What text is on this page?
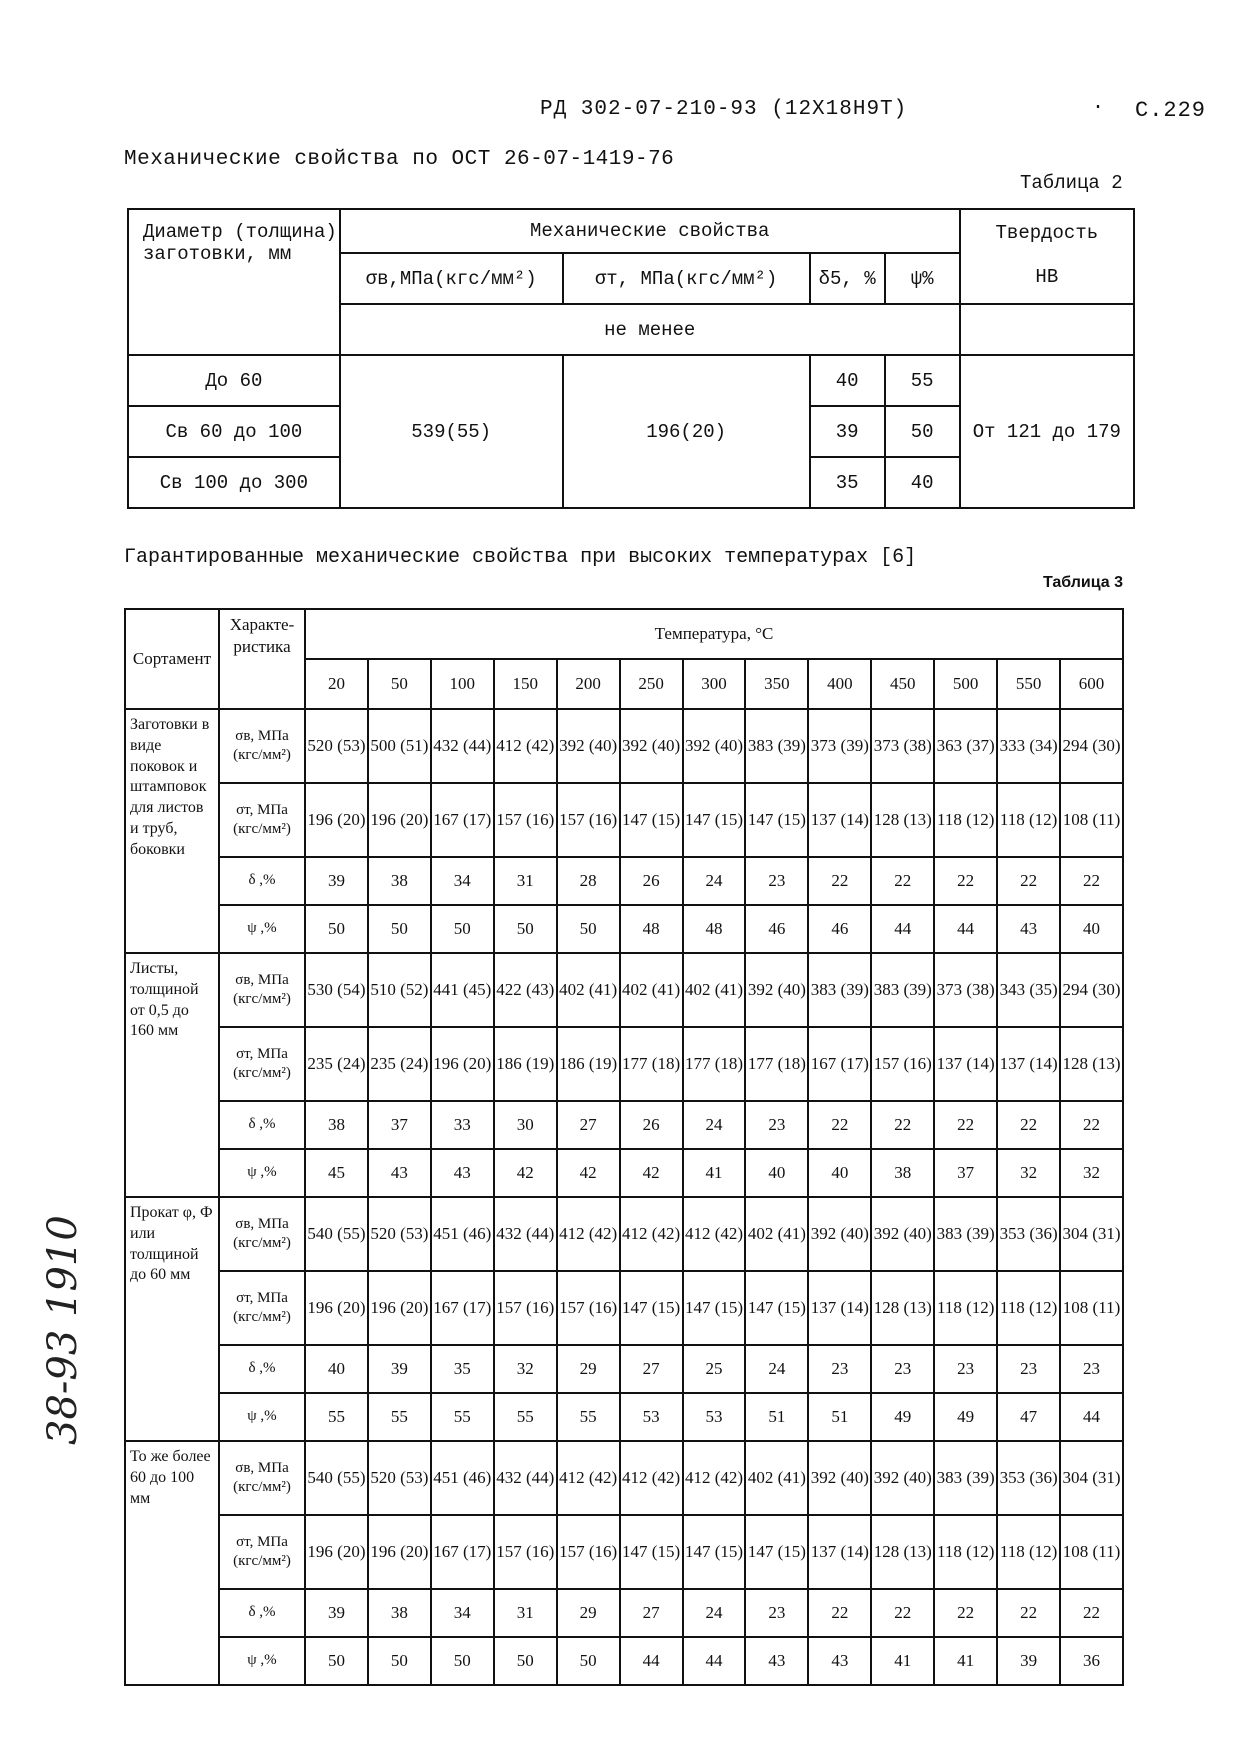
РД 302-07-210-93 (12Х18Н9Т)	· С.229
Механические свойства по ОСТ 26-07-1419-76
Таблица 2
Диаметр (толщина) заготовки, мм	Механические свойства				Твердость
НВ

	σв,МПа(кгс/мм²)	σт, МПа(кгс/мм²)	δ5, %	ψ%	
	не менее				
До 60	539(55)	196(20)	40	55	От 121 до 179
Св 60 до 100			39	50	
Св 100 до 300			35	40	
Гарантированные механические свойства при высоких температурах [6]
Таблица 3
Сортамент	Характе-ристика	Температура, °С												
		20	50	100	150	200	250	300	350	400	450	500	550	600
Заготовки в виде поковок и штамповок для листов и труб, боковки	σв, МПа (кгс/мм²)	520 (53)	500 (51)	432 (44)	412 (42)	392 (40)	392 (40)	392 (40)	383 (39)	373 (39)	373 (38)	363 (37)	333 (34)	294 (30)
	σт, МПа (кгс/мм²)	196 (20)	196 (20)	167 (17)	157 (16)	157 (16)	147 (15)	147 (15)	147 (15)	137 (14)	128 (13)	118 (12)	118 (12)	108 (11)
	δ ,%	39	38	34	31	28	26	24	23	22	22	22	22	22
	ψ ,%	50	50	50	50	50	48	48	46	46	44	44	43	40
Листы, толщиной от 0,5 до 160 мм	σв, МПа (кгс/мм²)	530 (54)	510 (52)	441 (45)	422 (43)	402 (41)	402 (41)	402 (41)	392 (40)	383 (39)	383 (39)	373 (38)	343 (35)	294 (30)
	σт, МПа (кгс/мм²)	235 (24)	235 (24)	196 (20)	186 (19)	186 (19)	177 (18)	177 (18)	177 (18)	167 (17)	157 (16)	137 (14)	137 (14)	128 (13)
	δ ,%	38	37	33	30	27	26	24	23	22	22	22	22	22
	ψ ,%	45	43	43	42	42	42	41	40	40	38	37	32	32
Прокат φ, Ф или толщиной до 60 мм	σв, МПа (кгс/мм²)	540 (55)	520 (53)	451 (46)	432 (44)	412 (42)	412 (42)	412 (42)	402 (41)	392 (40)	392 (40)	383 (39)	353 (36)	304 (31)
	σт, МПа (кгс/мм²)	196 (20)	196 (20)	167 (17)	157 (16)	157 (16)	147 (15)	147 (15)	147 (15)	137 (14)	128 (13)	118 (12)	118 (12)	108 (11)
	δ ,%	40	39	35	32	29	27	25	24	23	23	23	23	23
	ψ ,%	55	55	55	55	55	53	53	51	51	49	49	47	44
То же более 60 до 100 мм	σв, МПа (кгс/мм²)	540 (55)	520 (53)	451 (46)	432 (44)	412 (42)	412 (42)	412 (42)	402 (41)	392 (40)	392 (40)	383 (39)	353 (36)	304 (31)
	σт, МПа (кгс/мм²)	196 (20)	196 (20)	167 (17)	157 (16)	157 (16)	147 (15)	147 (15)	147 (15)	137 (14)	128 (13)	118 (12)	118 (12)	108 (11)
	δ ,%	39	38	34	31	29	27	24	23	22	22	22	22	22
	ψ ,%	50	50	50	50	50	44	44	43	43	41	41	39	36
38-93 1910
